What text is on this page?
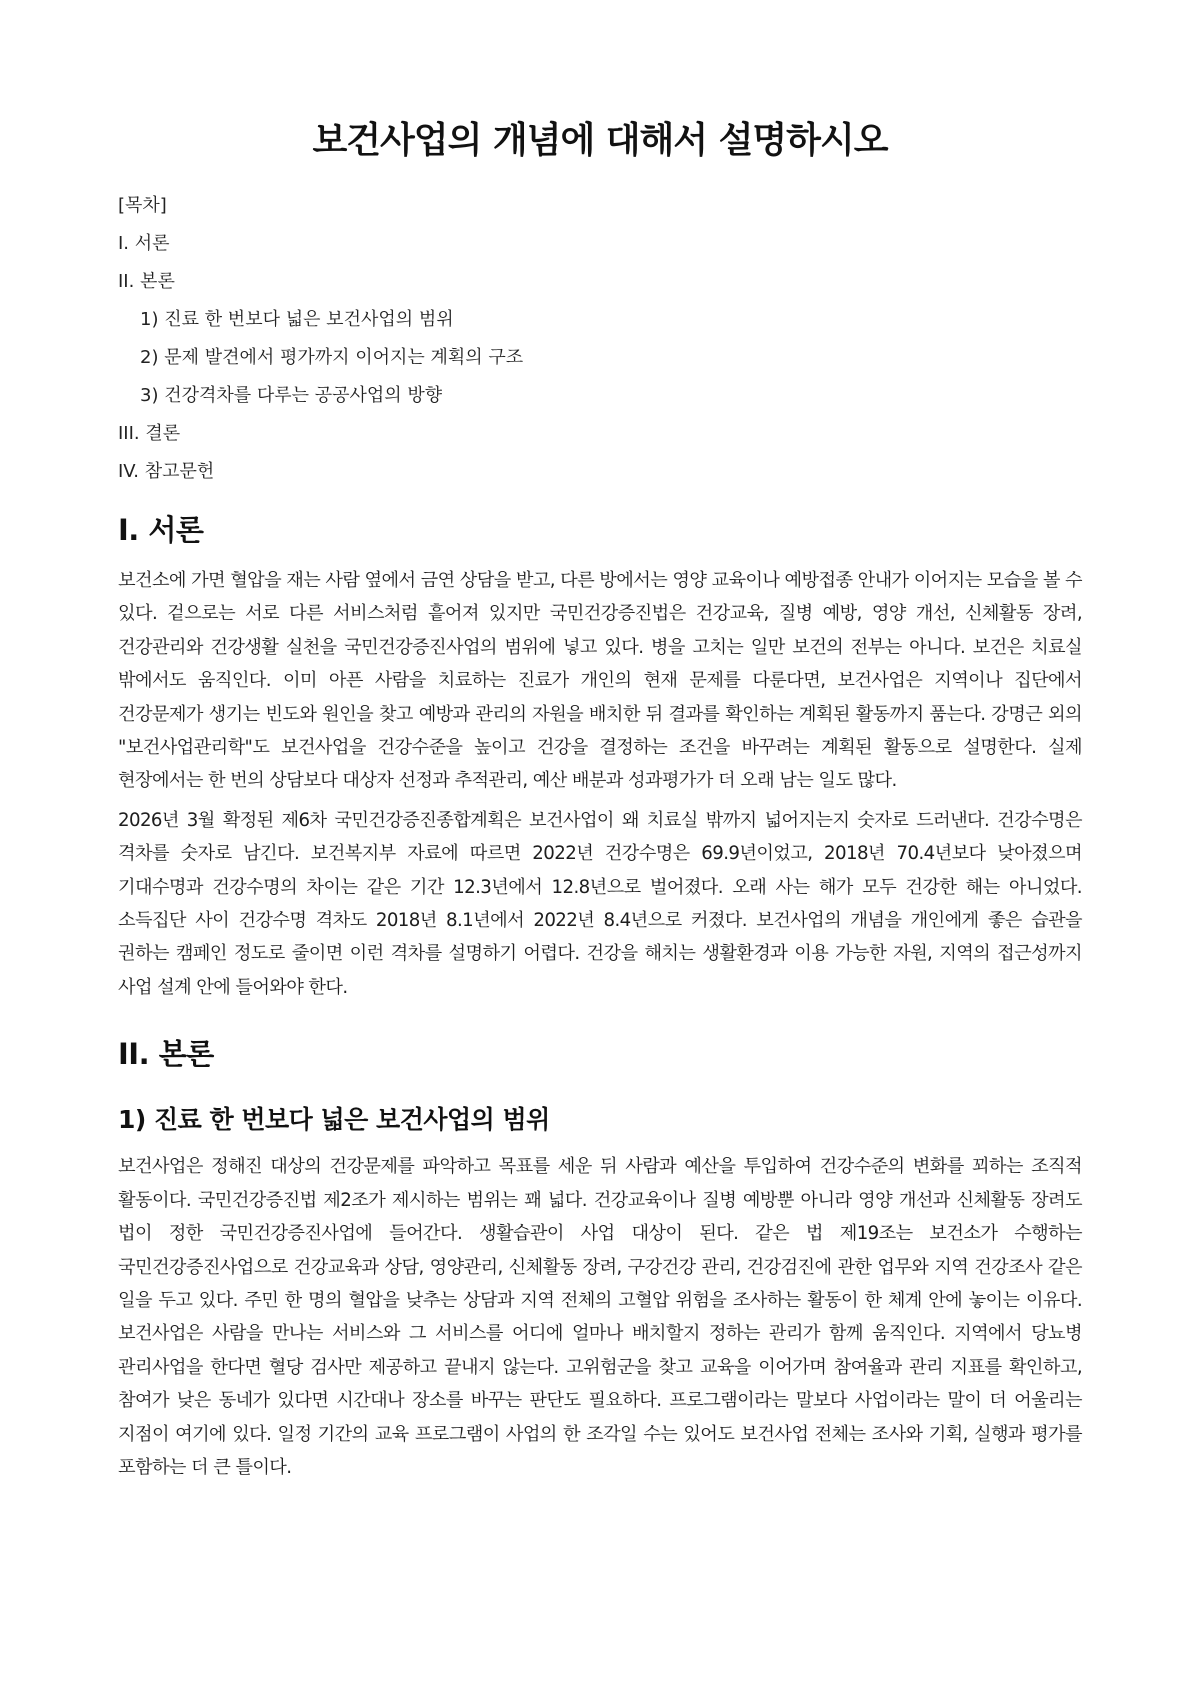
보건사업의 개념에 대해서 설명하시오
[목차]
I. 서론
II. 본론
1) 진료 한 번보다 넓은 보건사업의 범위
2) 문제 발견에서 평가까지 이어지는 계획의 구조
3) 건강격차를 다루는 공공사업의 방향
III. 결론
IV. 참고문헌
I. 서론

보건소에 가면 혈압을 재는 사람 옆에서 금연 상담을 받고, 다른 방에서는 영양 교육이나 예방접종 안내가 이어지는 모습을 볼 수 있다. 겉으로는 서로 다른 서비스처럼 흩어져 있지만 국민건강증진법은 건강교육, 질병 예방, 영양 개선, 신체활동 장려, 건강관리와 건강생활 실천을 국민건강증진사업의 범위에 넣고 있다. 병을 고치는 일만 보건의 전부는 아니다. 보건은 치료실 밖에서도 움직인다. 이미 아픈 사람을 치료하는 진료가 개인의 현재 문제를 다룬다면, 보건사업은 지역이나 집단에서 건강문제가 생기는 빈도와 원인을 찾고 예방과 관리의 자원을 배치한 뒤 결과를 확인하는 계획된 활동까지 품는다. 강명근 외의 "보건사업관리학"도 보건사업을 건강수준을 높이고 건강을 결정하는 조건을 바꾸려는 계획된 활동으로 설명한다. 실제 현장에서는 한 번의 상담보다 대상자 선정과 추적관리, 예산 배분과 성과평가가 더 오래 남는 일도 많다.

2026년 3월 확정된 제6차 국민건강증진종합계획은 보건사업이 왜 치료실 밖까지 넓어지는지 숫자로 드러낸다. 건강수명은 격차를 숫자로 남긴다. 보건복지부 자료에 따르면 2022년 건강수명은 69.9년이었고, 2018년 70.4년보다 낮아졌으며 기대수명과 건강수명의 차이는 같은 기간 12.3년에서 12.8년으로 벌어졌다. 오래 사는 해가 모두 건강한 해는 아니었다. 소득집단 사이 건강수명 격차도 2018년 8.1년에서 2022년 8.4년으로 커졌다. 보건사업의 개념을 개인에게 좋은 습관을 권하는 캠페인 정도로 줄이면 이런 격차를 설명하기 어렵다. 건강을 해치는 생활환경과 이용 가능한 자원, 지역의 접근성까지 사업 설계 안에 들어와야 한다.

II. 본론
1) 진료 한 번보다 넓은 보건사업의 범위

보건사업은 정해진 대상의 건강문제를 파악하고 목표를 세운 뒤 사람과 예산을 투입하여 건강수준의 변화를 꾀하는 조직적 활동이다. 국민건강증진법 제2조가 제시하는 범위는 꽤 넓다. 건강교육이나 질병 예방뿐 아니라 영양 개선과 신체활동 장려도 법이 정한 국민건강증진사업에 들어간다. 생활습관이 사업 대상이 된다. 같은 법 제19조는 보건소가 수행하는 국민건강증진사업으로 건강교육과 상담, 영양관리, 신체활동 장려, 구강건강 관리, 건강검진에 관한 업무와 지역 건강조사 같은 일을 두고 있다. 주민 한 명의 혈압을 낮추는 상담과 지역 전체의 고혈압 위험을 조사하는 활동이 한 체계 안에 놓이는 이유다. 보건사업은 사람을 만나는 서비스와 그 서비스를 어디에 얼마나 배치할지 정하는 관리가 함께 움직인다. 지역에서 당뇨병 관리사업을 한다면 혈당 검사만 제공하고 끝내지 않는다. 고위험군을 찾고 교육을 이어가며 참여율과 관리 지표를 확인하고, 참여가 낮은 동네가 있다면 시간대나 장소를 바꾸는 판단도 필요하다. 프로그램이라는 말보다 사업이라는 말이 더 어울리는 지점이 여기에 있다. 일정 기간의 교육 프로그램이 사업의 한 조각일 수는 있어도 보건사업 전체는 조사와 기획, 실행과 평가를 포함하는 더 큰 틀이다.
